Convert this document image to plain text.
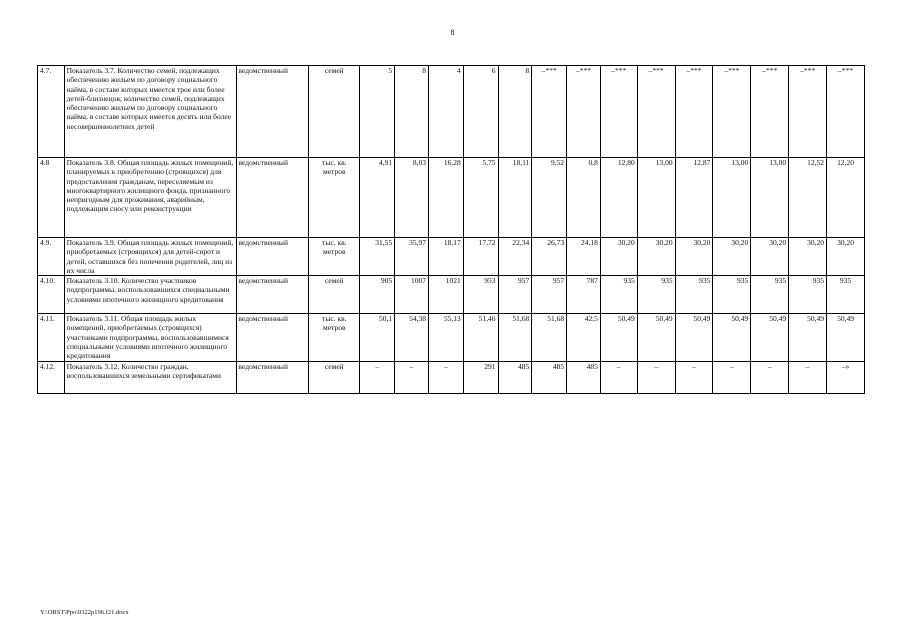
8
4.7.	Показатель 3.7. Количество семей, подлежащих обеспечению жильем по договору социального найма, в составе которых имеется трое или более детей-близнецов; количество семей, подлежащих обеспечению жильем по договору социального найма, в составе которых имеется десять или более несовершеннолетних детей	ведомственный	семей	5	8	4	6	8	–***	–***	–***	–***	–***	–***	–***	–***	–***
4.8	Показатель 3.8. Общая площадь жилых помещений, планируемых к приобретению (строящихся) для предоставления гражданам, переселяемым из многоквартирного жилищного фонда, признанного непригодным для проживания, аварийным, подлежащим сносу или реконструкции	ведомственный	тыс. кв. метров	4,91	8,03	16,28	5,75	18,11	9,52	0,8	12,80	13,00	12,87	13,00	13,00	12,52	12,20
4.9.	Показатель 3.9. Общая площадь жилых помещений, приобретаемых (строящихся) для детей-сирот и детей, оставшихся без попечения родителей, лиц из их числа	ведомственный	тыс. кв. метров	31,55	35,97	18,17	17,72	22,34	26,73	24,18	30,20	30,20	30,20	30,20	30,20	30,20	30,20
4.10.	Показатель 3.10. Количество участников подпрограммы, воспользовавшихся специальными условиями ипотечного жилищного кредитования	ведомственный	семей	905	1007	1021	953	957	957	787	935	935	935	935	935	935	935
4.11.	Показатель 3.11. Общая площадь жилых помещений, приобретаемых (строящихся) участниками подпрограммы, воспользовавшимися специальными условиями ипотечного жилищного кредитования	ведомственный	тыс. кв. метров	50,1	54,38	55,13	51,46	51,68	51,68	42,5	50,49	50,49	50,49	50,49	50,49	50,49	50,49
4.12.	Показатель 3.12. Количество граждан, воспользовавшихся земельными сертификатами	ведомственный	семей	–	–	–	291	485	485	485	–	–	–	–	–	–	–»
Y:\ORST\Ppo\0322p196.f21.docx
